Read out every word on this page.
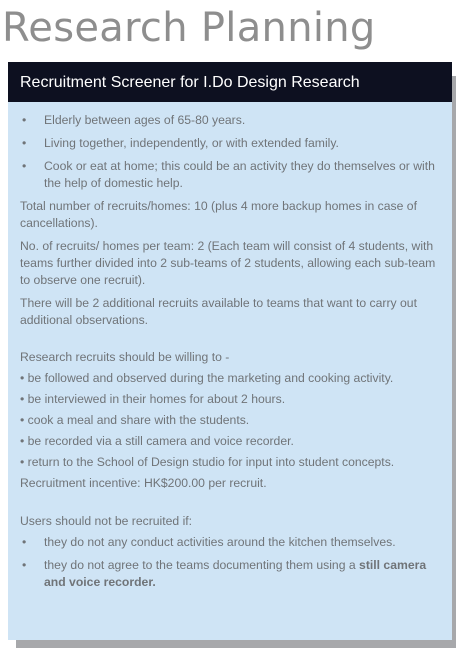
Research Planning
Recruitment Screener for I.Do Design Research
• Elderly between ages of 65-80 years.
• Living together, independently, or with extended family.
• Cook or eat at home; this could be an activity they do themselves or with the help of domestic help.

Total number of recruits/homes: 10 (plus 4 more backup homes in case of cancellations).

No. of recruits/ homes per team: 2 (Each team will consist of 4 students, with teams further divided into 2 sub-teams of 2 students, allowing each sub-team to observe one recruit).

There will be 2 additional recruits available to teams that want to carry out additional observations.

Research recruits should be willing to -
• be followed and observed during the marketing and cooking activity.
• be interviewed in their homes for about 2 hours.
• cook a meal and share with the students.
• be recorded via a still camera and voice recorder.
• return to the School of Design studio for input into student concepts.
Recruitment incentive: HK$200.00 per recruit.
Users should not be recruited if:
• they do not any conduct activities around the kitchen themselves.
• they do not agree to the teams documenting them using a still camera and voice recorder.
